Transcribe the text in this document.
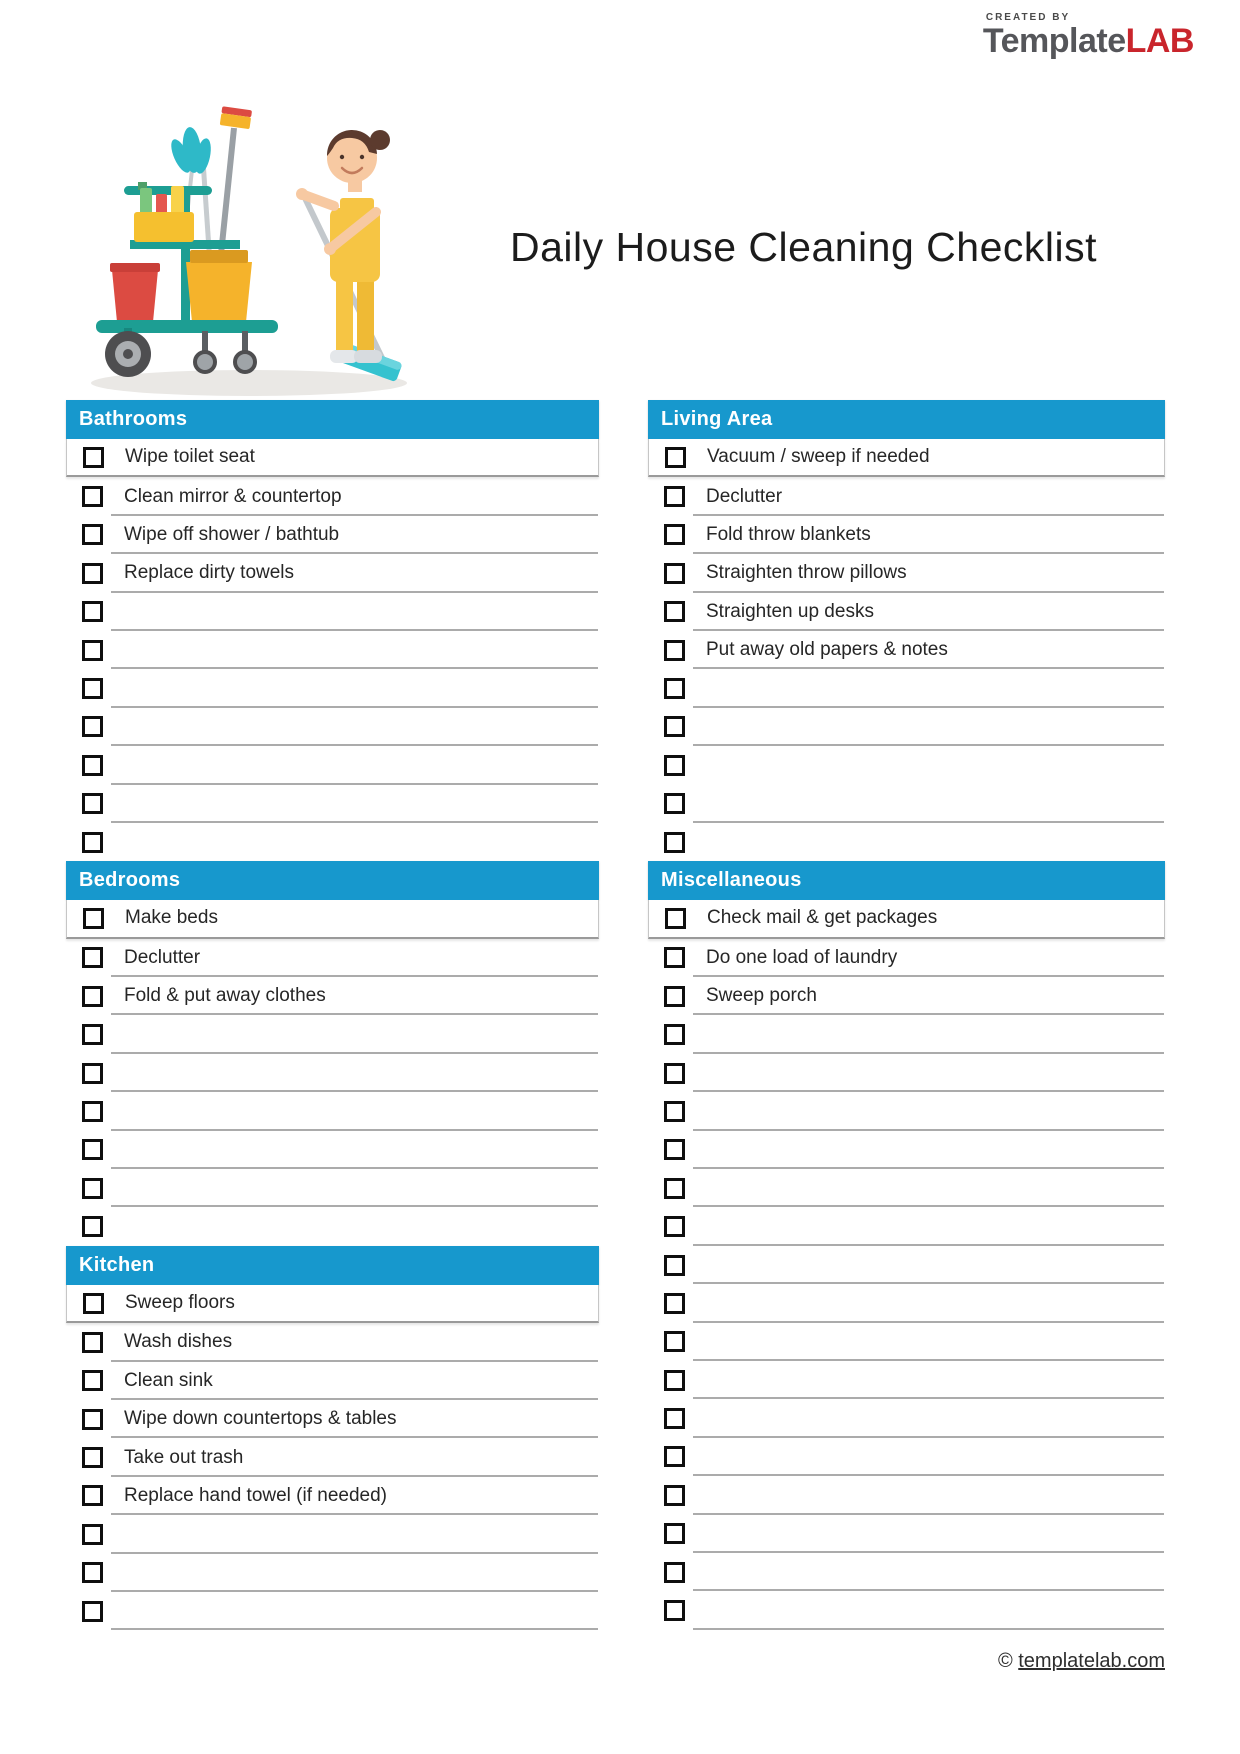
CREATED BY
TemplateLAB
Daily House Cleaning Checklist
Bathrooms
Wipe toilet seat
Clean mirror & countertop
Wipe off shower / bathtub
Replace dirty towels
Bedrooms
Make beds
Declutter
Fold & put away clothes
Kitchen
Sweep floors
Wash dishes
Clean sink
Wipe down countertops & tables
Take out trash
Replace hand towel (if needed)
Living Area
Vacuum / sweep if needed
Declutter
Fold throw blankets
Straighten throw pillows
Straighten up desks
Put away old papers & notes
Miscellaneous
Check mail & get packages
Do one load of laundry
Sweep porch
© templatelab.com
